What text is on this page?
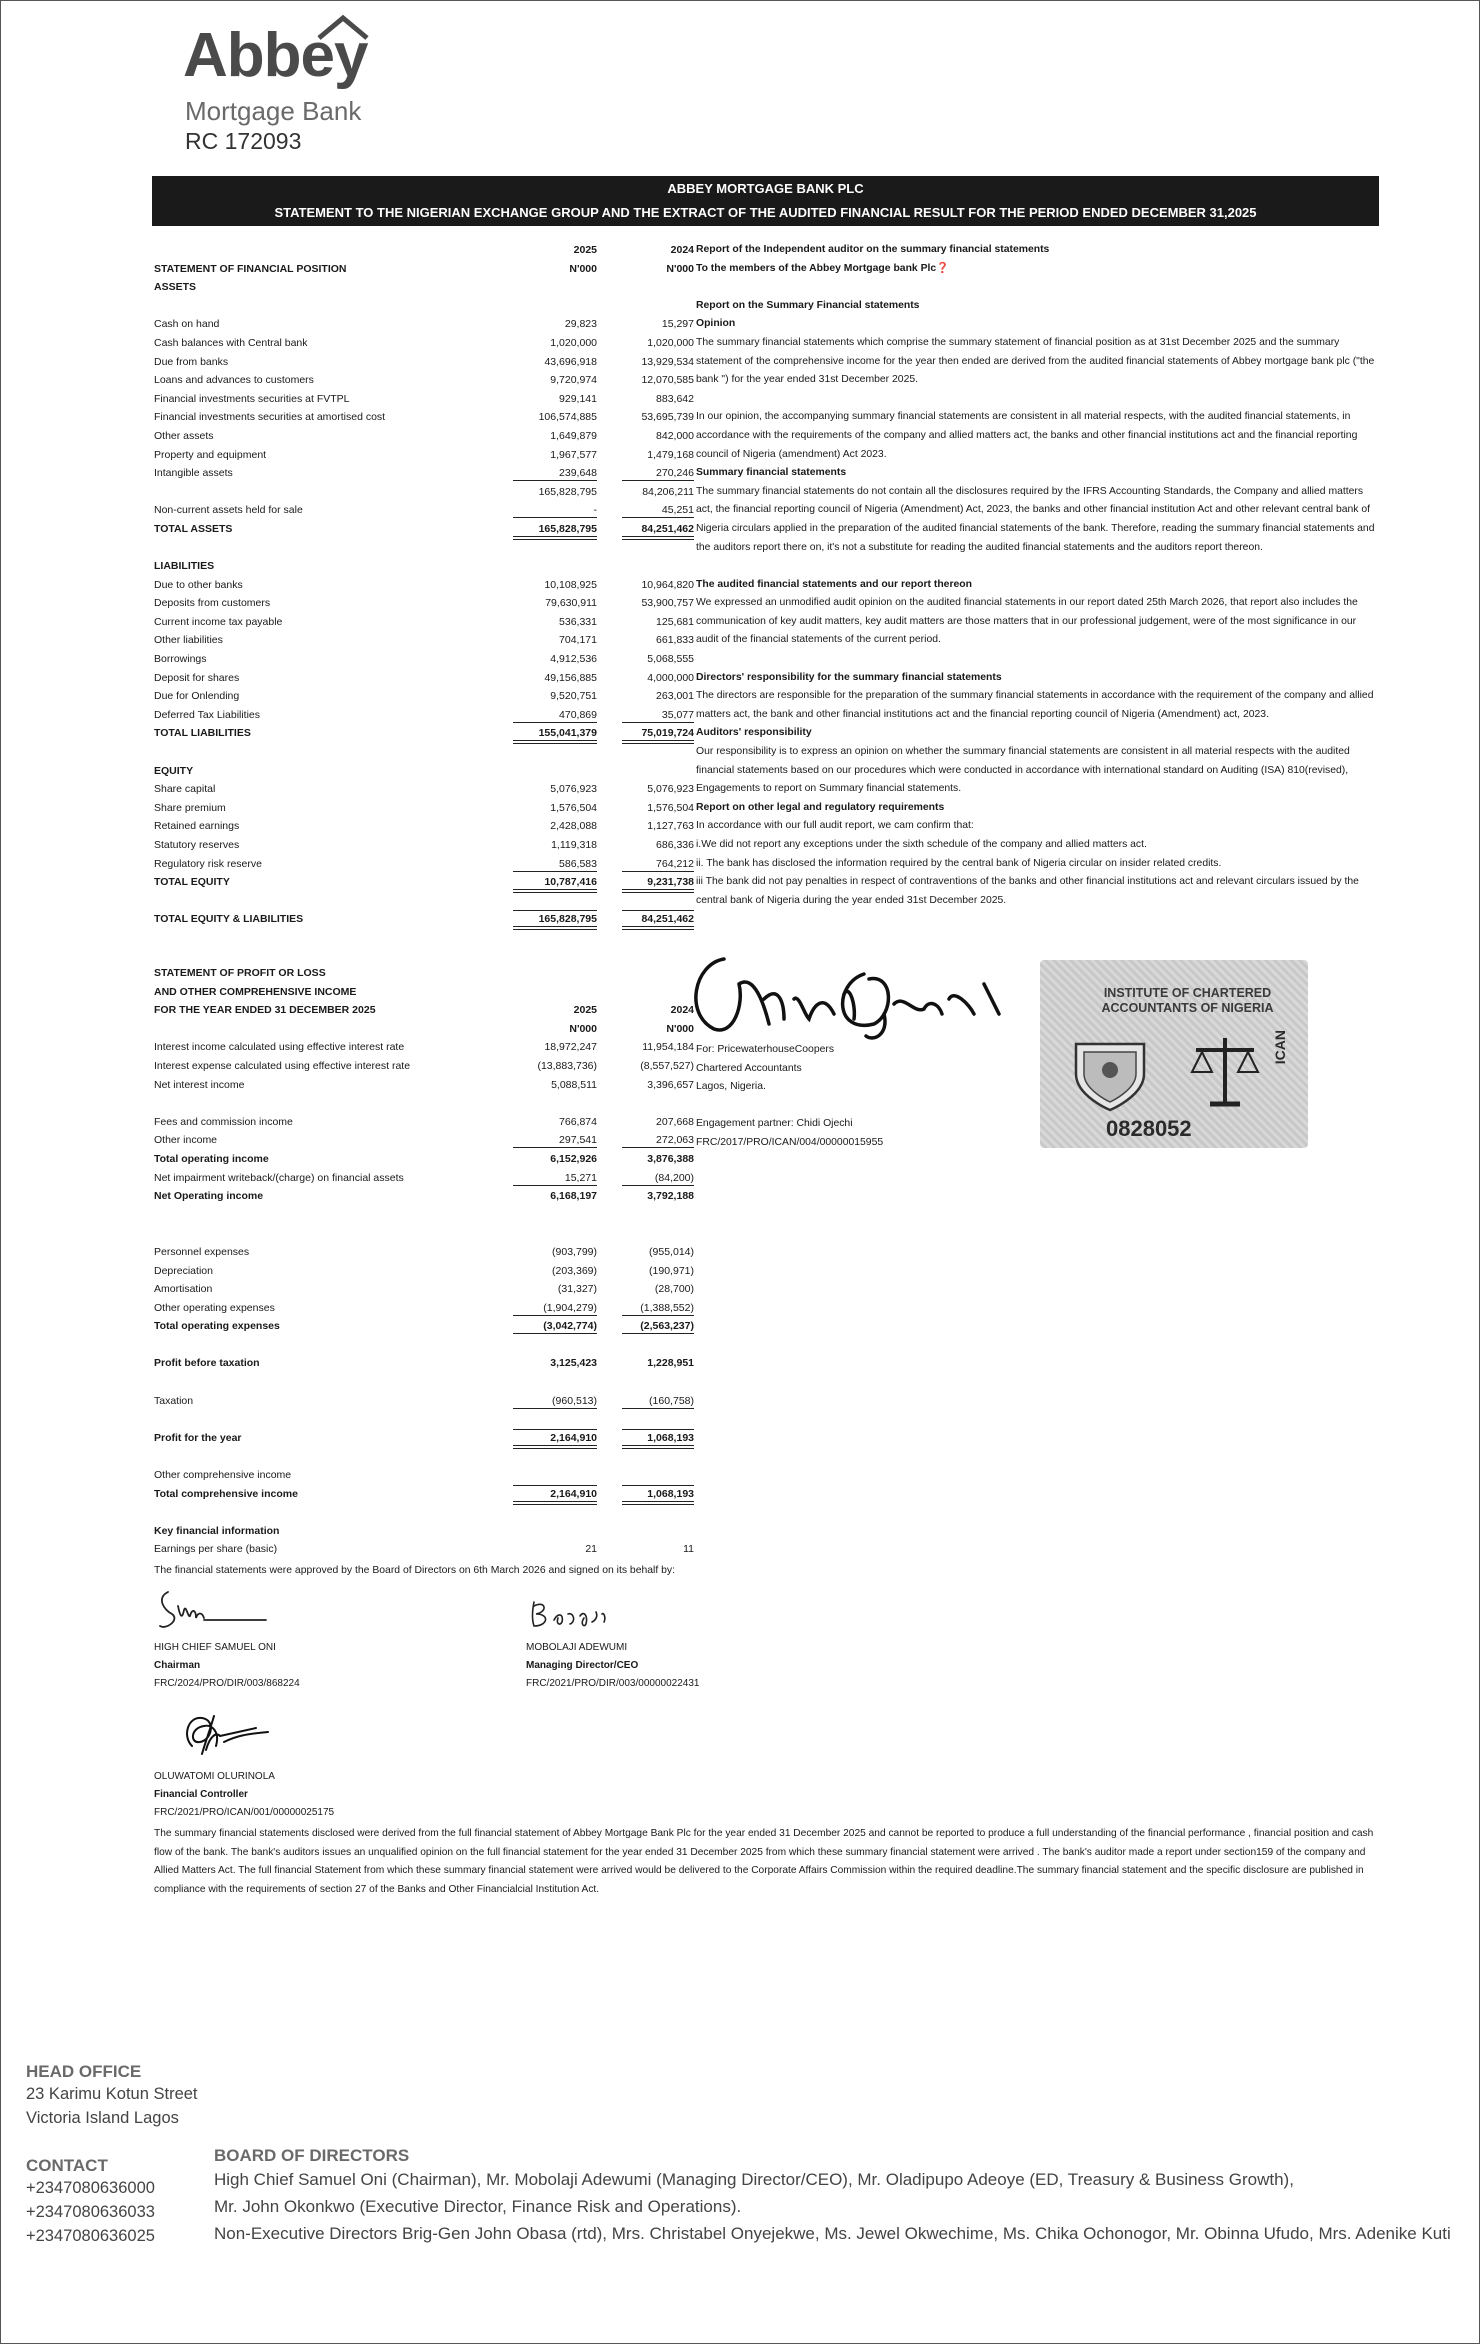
Abbey
Mortgage Bank
RC 172093
ABBEY MORTGAGE BANK PLC
STATEMENT TO THE NIGERIAN EXCHANGE GROUP AND THE EXTRACT OF THE AUDITED FINANCIAL RESULT FOR THE PERIOD ENDED DECEMBER 31,2025
2025	2024
STATEMENT OF FINANCIAL POSITION	N'000	N'000
ASSETS
Cash on hand	29,823	15,297
Cash balances with Central bank	1,020,000	1,020,000
Due from banks	43,696,918	13,929,534
Loans and advances to customers	9,720,974	12,070,585
Financial investments securities at FVTPL	929,141	883,642
Financial investments securities at amortised cost	106,574,885	53,695,739
Other assets	1,649,879	842,000
Property and equipment	1,967,577	1,479,168
Intangible assets	239,648	270,246
165,828,795	84,206,211
Non-current assets held for sale	-	45,251
TOTAL ASSETS	165,828,795	84,251,462
LIABILITIES
Due to other banks	10,108,925	10,964,820
Deposits from customers	79,630,911	53,900,757
Current income tax payable	536,331	125,681
Other liabilities	704,171	661,833
Borrowings	4,912,536	5,068,555
Deposit for shares	49,156,885	4,000,000
Due for Onlending	9,520,751	263,001
Deferred Tax Liabilities	470,869	35,077
TOTAL LIABILITIES	155,041,379	75,019,724
EQUITY
Share capital	5,076,923	5,076,923
Share premium	1,576,504	1,576,504
Retained earnings	2,428,088	1,127,763
Statutory reserves	1,119,318	686,336
Regulatory risk reserve	586,583	764,212
TOTAL EQUITY	10,787,416	9,231,738
TOTAL EQUITY & LIABILITIES	165,828,795	84,251,462
STATEMENT OF PROFIT OR LOSS
AND OTHER COMPREHENSIVE INCOME
FOR THE YEAR ENDED 31 DECEMBER 2025	2025	2024
N'000	N'000
Interest income calculated using effective interest rate	18,972,247	11,954,184
Interest expense calculated using effective interest rate	(13,883,736)	(8,557,527)
Net interest income	5,088,511	3,396,657
Fees and commission income	766,874	207,668
Other income	297,541	272,063
Total operating income	6,152,926	3,876,388
Net impairment writeback/(charge) on financial assets	15,271	(84,200)
Net Operating income	6,168,197	3,792,188
Personnel expenses	(903,799)	(955,014)
Depreciation	(203,369)	(190,971)
Amortisation	(31,327)	(28,700)
Other operating expenses	(1,904,279)	(1,388,552)
Total operating expenses	(3,042,774)	(2,563,237)
Profit before taxation	3,125,423	1,228,951
Taxation	(960,513)	(160,758)
Profit for the year	2,164,910	1,068,193
Other comprehensive income
Total comprehensive income	2,164,910	1,068,193
Key financial information
Earnings per share (basic)	21	11

Report of the Independent auditor on the summary financial statements

To the members of the Abbey Mortgage bank Plc❓

Report on the Summary Financial statements

Opinion

The summary financial statements which comprise the summary statement of financial position as at 31st December 2025 and the summary statement of the comprehensive income for the year then ended are derived from the audited financial statements of Abbey mortgage bank plc ("the bank ") for the year ended 31st December 2025.

In our opinion, the accompanying summary financial statements are consistent in all material respects, with the audited financial statements, in accordance with the requirements of the company and allied matters act, the banks and other financial institutions act and the financial reporting council of Nigeria (amendment) Act 2023.

Summary financial statements

The summary financial statements do not contain all the disclosures required by the IFRS Accounting Standards, the Company and allied matters act, the financial reporting council of Nigeria (Amendment) Act, 2023, the banks and other financial institution Act and other relevant central bank of Nigeria circulars applied in the preparation of the audited financial statements of the bank. Therefore, reading the summary financial statements and the auditors report there on, it's not a substitute for reading the audited financial statements and the auditors report thereon.

The audited financial statements and our report thereon

We expressed an unmodified audit opinion on the audited financial statements in our report dated 25th March 2026, that report also includes the communication of key audit matters, key audit matters are those matters that in our professional judgement, were of the most significance in our audit of the financial statements of the current period.

Directors' responsibility for the summary financial statements

The directors are responsible for the preparation of the summary financial statements in accordance with the requirement of the company and allied matters act, the bank and other financial institutions act and the financial reporting council of Nigeria (Amendment) act, 2023.

Auditors' responsibility

Our responsibility is to express an opinion on whether the summary financial statements are consistent in all material respects with the audited financial statements based on our procedures which were conducted in accordance with international standard on Auditing (ISA) 810(revised), Engagements to report on Summary financial statements.

Report on other legal and regulatory requirements

In accordance with our full audit report, we cam confirm that:

i.We did not report any exceptions under the sixth schedule of the company and allied matters act.

ii. The bank has disclosed the information required by the central bank of Nigeria circular on insider related credits.

iii The bank did not pay penalties in respect of contraventions of the banks and other financial institutions act and relevant circulars issued by the central bank of Nigeria during the year ended 31st December 2025.

INSTITUTE OF CHARTERED ACCOUNTANTS OF NIGERIA
ICAN
0828052

For: PricewaterhouseCoopers

Chartered Accountants

Lagos, Nigeria.

Engagement partner: Chidi Ojechi

FRC/2017/PRO/ICAN/004/00000015955

The financial statements were approved by the Board of Directors on 6th March 2026 and signed on its behalf by:

HIGH CHIEF SAMUEL ONI

Chairman

FRC/2024/PRO/DIR/003/868224

MOBOLAJI ADEWUMI

Managing Director/CEO

FRC/2021/PRO/DIR/003/00000022431

OLUWATOMI OLURINOLA

Financial Controller

FRC/2021/PRO/ICAN/001/00000025175

The summary financial statements disclosed were derived from the full financial statement of Abbey Mortgage Bank Plc for the year ended 31 December 2025 and cannot be reported to produce a full understanding of the financial performance , financial position and cash flow of the bank. The bank's auditors issues an unqualified opinion on the full financial statement for the year ended 31 December 2025 from which these summary financial statement were arrived . The bank's auditor made a report under section159 of the company and Allied Matters Act. The full financial Statement from which these summary financial statement were arrived would be delivered to the Corporate Affairs Commission within the required deadline.The summary financial statement and the specific disclosure are published in compliance with the requirements of section 27 of the Banks and Other Financialcial Institution Act.
HEAD OFFICE
23 Karimu Kotun Street
Victoria Island Lagos
CONTACT
+2347080636000
+2347080636033
+2347080636025
BOARD OF DIRECTORS
High Chief Samuel Oni (Chairman), Mr. Mobolaji Adewumi (Managing Director/CEO), Mr. Oladipupo Adeoye (ED, Treasury & Business Growth),
Mr. John Okonkwo (Executive Director, Finance Risk and Operations).
Non-Executive Directors Brig-Gen John Obasa (rtd), Mrs. Christabel Onyejekwe, Ms. Jewel Okwechime, Ms. Chika Ochonogor, Mr. Obinna Ufudo, Mrs. Adenike Kuti
